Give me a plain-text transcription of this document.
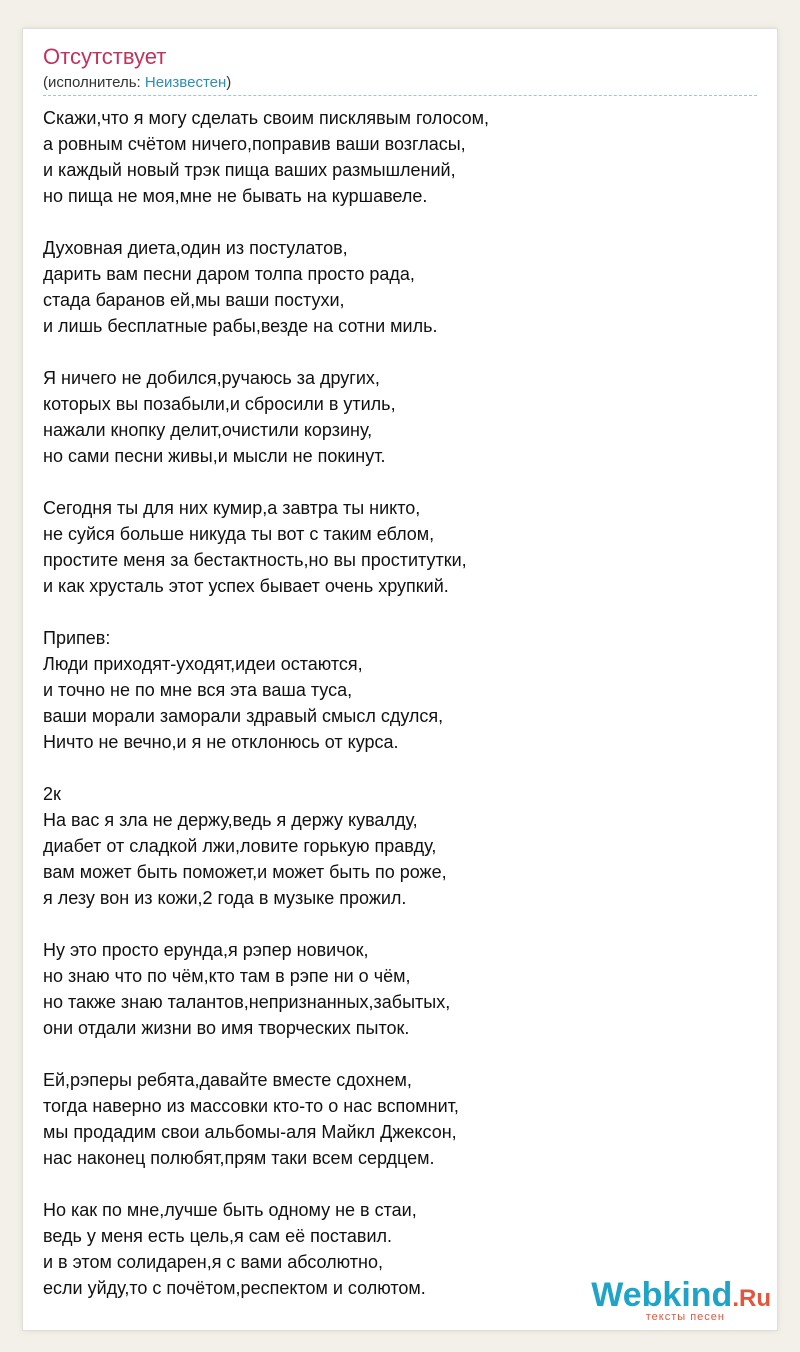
Отсутствует
(исполнитель: Неизвестен)
Скажи,что я могу сделать своим писклявым голосом,
а ровным счётом ничего,поправив ваши возгласы,
и каждый новый трэк пища ваших размышлений,
но пища не моя,мне не бывать на куршавеле.
Духовная диета,один из постулатов,
дарить вам песни даром толпа просто рада,
стада баранов ей,мы ваши постухи,
и лишь бесплатные рабы,везде на сотни миль.
Я ничего не добился,ручаюсь за других,
которых вы позабыли,и сбросили в утиль,
нажали кнопку делит,очистили корзину,
но сами песни живы,и мысли не покинут.
Сегодня ты для них кумир,а завтра ты никто,
не суйся больше никуда ты вот с таким еблом,
простите меня за бестактность,но вы проститутки,
и как хрусталь этот успех бывает очень хрупкий.
Припев:
Люди приходят-уходят,идеи остаются,
и точно не по мне вся эта ваша туса,
ваши морали заморали здравый смысл сдулся,
Ничто не вечно,и я не отклонюсь от курса.
2к
На вас я зла не держу,ведь я держу кувалду,
диабет от сладкой лжи,ловите горькую правду,
вам может быть поможет,и может быть по роже,
я лезу вон из кожи,2 года в музыке прожил.
Ну это просто ерунда,я рэпер новичок,
но знаю что по чём,кто там в рэпе ни о чём,
но также знаю талантов,непризнанных,забытых,
они отдали жизни во имя творческих пыток.
Ей,рэперы ребята,давайте вместе сдохнем,
тогда наверно из массовки кто-то о нас вспомнит,
мы продадим свои альбомы-аля Майкл Джексон,
нас наконец полюбят,прям таки всем сердцем.
Но как по мне,лучше быть одному не в стаи,
ведь у меня есть цель,я сам её поставил.
и в этом солидарен,я с вами абсолютно,
если уйду,то с почётом,респектом и солютом.	Webkind.Ru
тексты песен
